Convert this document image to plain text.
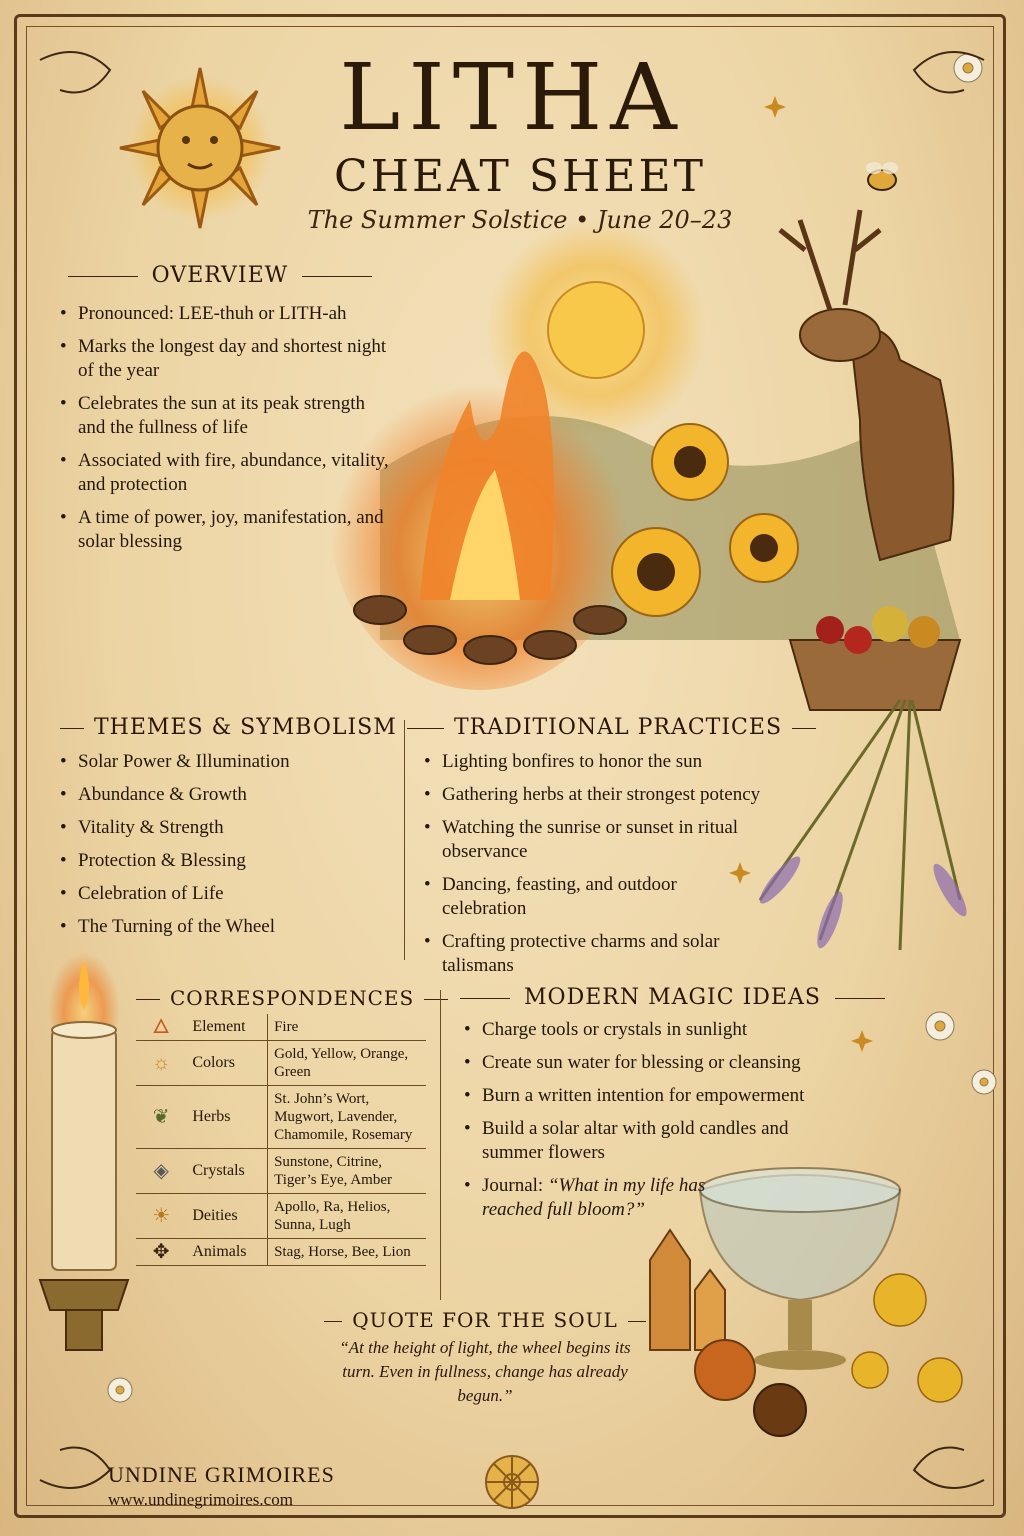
LITHA
CHEAT SHEET
The Summer Solstice • June 20–23
OVERVIEW
• Pronounced: LEE-thuh or LITH-ah
• Marks the longest day and shortest night of the year
• Celebrates the sun at its peak strength and the fullness of life
• Associated with fire, abundance, vitality, and protection
• A time of power, joy, manifestation, and solar blessing
THEMES & SYMBOLISM
• Solar Power & Illumination
• Abundance & Growth
• Vitality & Strength
• Protection & Blessing
• Celebration of Life
• The Turning of the Wheel
TRADITIONAL PRACTICES
• Lighting bonfires to honor the sun
• Gathering herbs at their strongest potency
• Watching the sunrise or sunset in ritual observance
• Dancing, feasting, and outdoor celebration
• Crafting protective charms and solar talismans
CORRESPONDENCES
🜂	Element	Fire
☼	Colors	Gold, Yellow, Orange, Green
❦	Herbs	St. John’s Wort, Mugwort, Lavender, Chamomile, Rosemary
◈	Crystals	Sunstone, Citrine, Tiger’s Eye, Amber
☀	Deities	Apollo, Ra, Helios, Sunna, Lugh
✥	Animals	Stag, Horse, Bee, Lion
MODERN MAGIC IDEAS
• Charge tools or crystals in sunlight
• Create sun water for blessing or cleansing
• Burn a written intention for empowerment
• Build a solar altar with gold candles and summer flowers
• Journal: “What in my life has reached full bloom?”
QUOTE FOR THE SOUL
“At the height of light, the wheel begins its turn. Even in fullness, change has already begun.”
UNDINE GRIMOIRES
www.undinegrimoires.com
